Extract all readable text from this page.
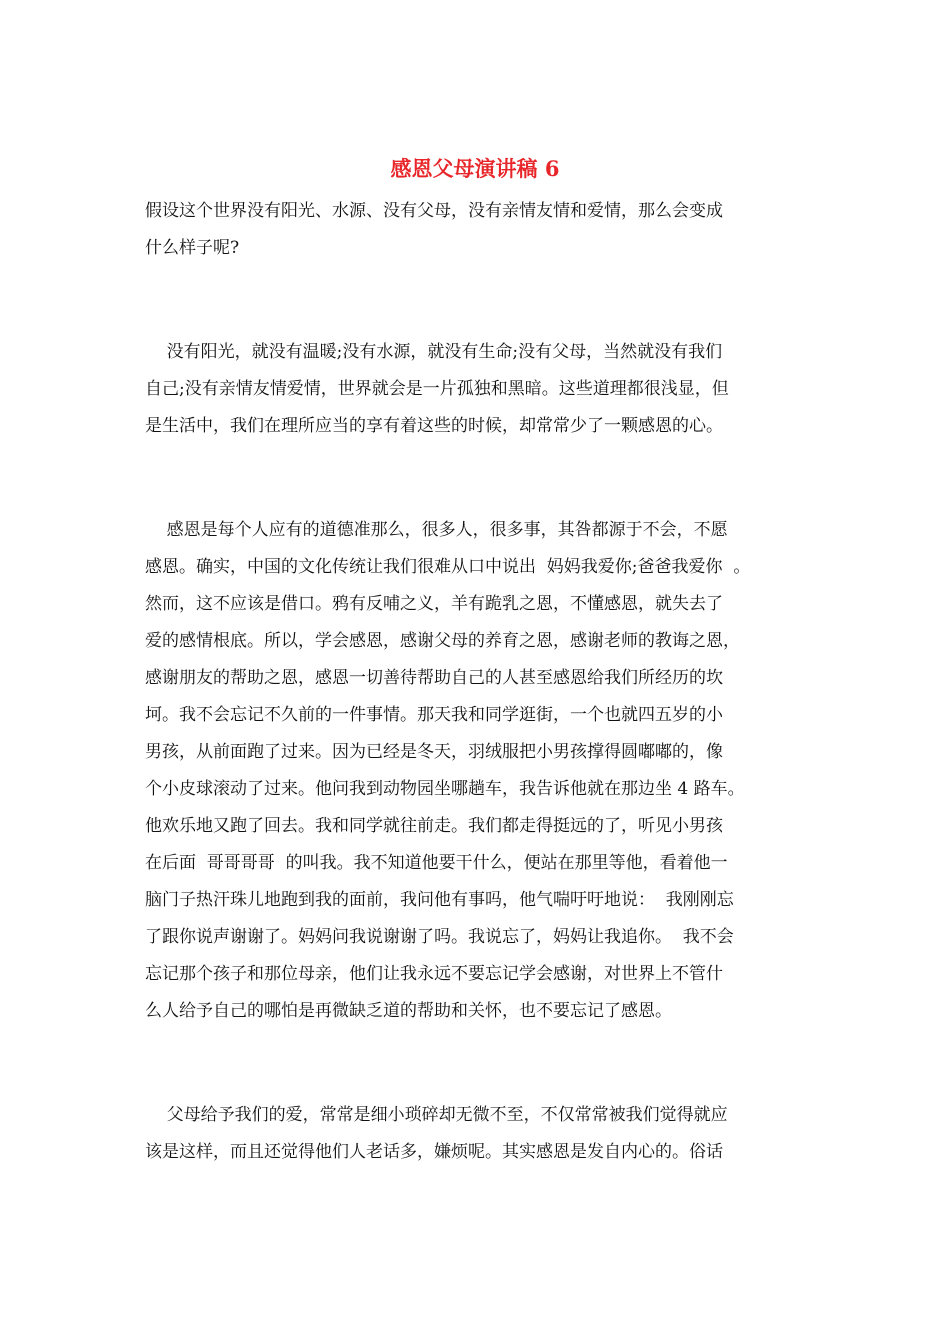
感恩父母演讲稿 6

假设这个世界没有阳光、水源、没有父母，没有亲情友情和爱情，那么会变成

什么样子呢?

没有阳光，就没有温暖;没有水源，就没有生命;没有父母，当然就没有我们

自己;没有亲情友情爱情，世界就会是一片孤独和黑暗。这些道理都很浅显，但

是生活中，我们在理所应当的享有着这些的时候，却常常少了一颗感恩的心。

感恩是每个人应有的道德准那么，很多人，很多事，其咎都源于不会，不愿

感恩。确实，中国的文化传统让我们很难从口中说出  妈妈我爱你;爸爸我爱你  。

然而，这不应该是借口。鸦有反哺之义，羊有跪乳之恩，不懂感恩，就失去了

爱的感情根底。所以，学会感恩，感谢父母的养育之恩，感谢老师的教诲之恩，

感谢朋友的帮助之恩，感恩一切善待帮助自己的人甚至感恩给我们所经历的坎

坷。我不会忘记不久前的一件事情。那天我和同学逛街，一个也就四五岁的小

男孩，从前面跑了过来。因为已经是冬天，羽绒服把小男孩撑得圆嘟嘟的，像

个小皮球滚动了过来。他问我到动物园坐哪趟车，我告诉他就在那边坐 4 路车。

他欢乐地又跑了回去。我和同学就往前走。我们都走得挺远的了，听见小男孩

在后面  哥哥哥哥  的叫我。我不知道他要干什么，便站在那里等他，看着他一

脑门子热汗珠儿地跑到我的面前，我问他有事吗，他气喘吁吁地说：  我刚刚忘

了跟你说声谢谢了。妈妈问我说谢谢了吗。我说忘了，妈妈让我追你。  我不会

忘记那个孩子和那位母亲，他们让我永远不要忘记学会感谢，对世界上不管什

么人给予自己的哪怕是再微缺乏道的帮助和关怀，也不要忘记了感恩。

父母给予我们的爱，常常是细小琐碎却无微不至，不仅常常被我们觉得就应

该是这样，而且还觉得他们人老话多，嫌烦呢。其实感恩是发自内心的。俗话
